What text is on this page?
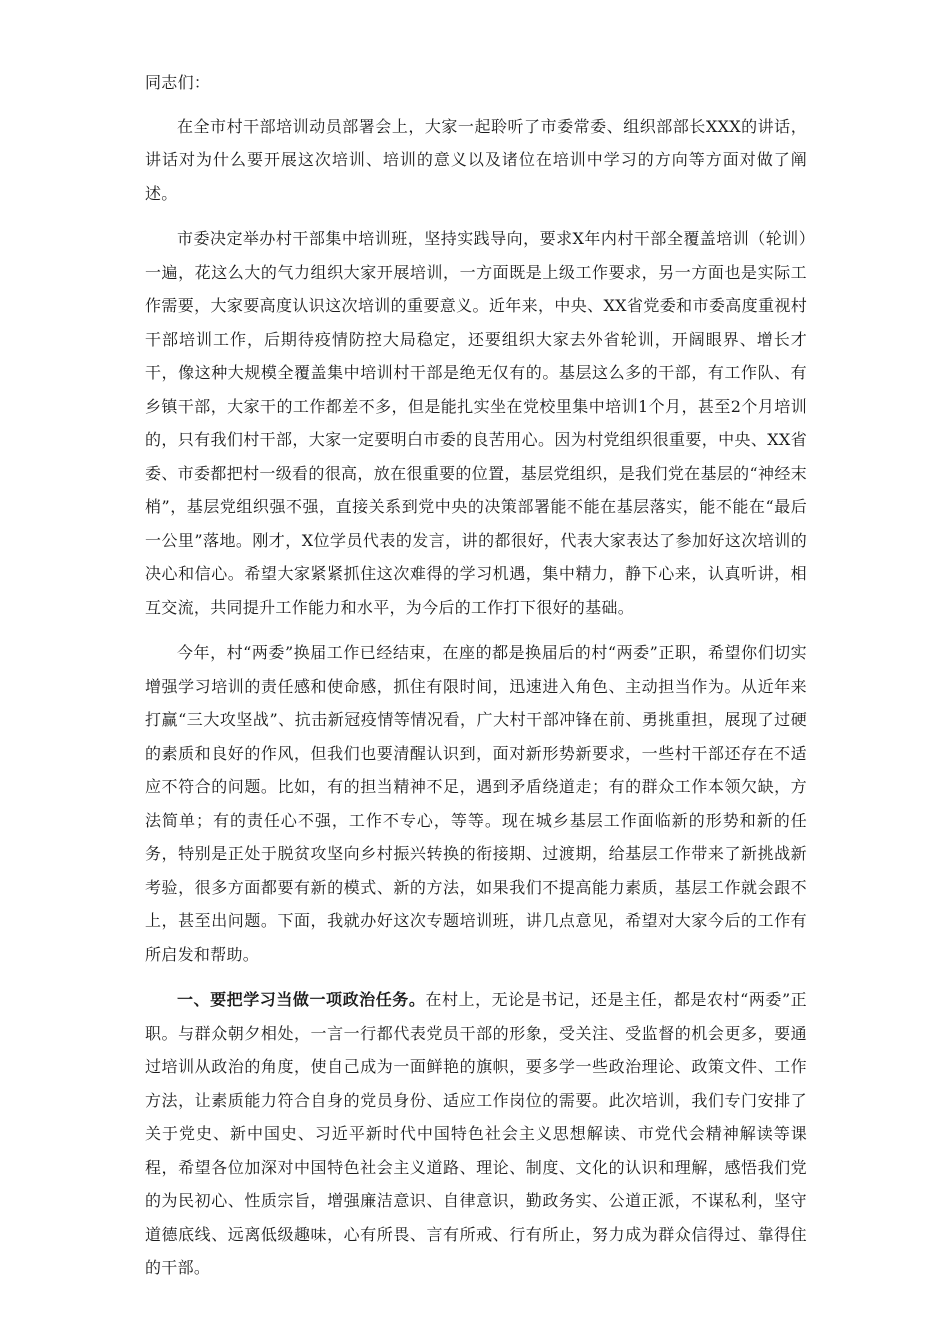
同志们：

在全市村干部培训动员部署会上，大家一起聆听了市委常委、组织部部长XXX的讲话，讲话对为什么要开展这次培训、培训的意义以及诸位在培训中学习的方向等方面对做了阐述。

市委决定举办村干部集中培训班，坚持实践导向，要求X年内村干部全覆盖培训（轮训）一遍，花这么大的气力组织大家开展培训，一方面既是上级工作要求，另一方面也是实际工作需要，大家要高度认识这次培训的重要意义。近年来，中央、XX省党委和市委高度重视村干部培训工作，后期待疫情防控大局稳定，还要组织大家去外省轮训，开阔眼界、增长才干，像这种大规模全覆盖集中培训村干部是绝无仅有的。基层这么多的干部，有工作队、有乡镇干部，大家干的工作都差不多，但是能扎实坐在党校里集中培训1个月，甚至2个月培训的，只有我们村干部，大家一定要明白市委的良苦用心。因为村党组织很重要，中央、XX省委、市委都把村一级看的很高，放在很重要的位置，基层党组织，是我们党在基层的“神经末梢”，基层党组织强不强，直接关系到党中央的决策部署能不能在基层落实，能不能在“最后一公里”落地。刚才，X位学员代表的发言，讲的都很好，代表大家表达了参加好这次培训的决心和信心。希望大家紧紧抓住这次难得的学习机遇，集中精力，静下心来，认真听讲，相互交流，共同提升工作能力和水平，为今后的工作打下很好的基础。

今年，村“两委”换届工作已经结束，在座的都是换届后的村“两委”正职，希望你们切实增强学习培训的责任感和使命感，抓住有限时间，迅速进入角色、主动担当作为。从近年来打赢“三大攻坚战”、抗击新冠疫情等情况看，广大村干部冲锋在前、勇挑重担，展现了过硬的素质和良好的作风，但我们也要清醒认识到，面对新形势新要求，一些村干部还存在不适应不符合的问题。比如，有的担当精神不足，遇到矛盾绕道走；有的群众工作本领欠缺，方法简单；有的责任心不强，工作不专心，等等。现在城乡基层工作面临新的形势和新的任务，特别是正处于脱贫攻坚向乡村振兴转换的衔接期、过渡期，给基层工作带来了新挑战新考验，很多方面都要有新的模式、新的方法，如果我们不提高能力素质，基层工作就会跟不上，甚至出问题。下面，我就办好这次专题培训班，讲几点意见，希望对大家今后的工作有所启发和帮助。

一、要把学习当做一项政治任务。在村上，无论是书记，还是主任，都是农村“两委”正职。与群众朝夕相处，一言一行都代表党员干部的形象，受关注、受监督的机会更多，要通过培训从政治的角度，使自己成为一面鲜艳的旗帜，要多学一些政治理论、政策文件、工作方法，让素质能力符合自身的党员身份、适应工作岗位的需要。此次培训，我们专门安排了关于党史、新中国史、习近平新时代中国特色社会主义思想解读、市党代会精神解读等课程，希望各位加深对中国特色社会主义道路、理论、制度、文化的认识和理解，感悟我们党的为民初心、性质宗旨，增强廉洁意识、自律意识，勤政务实、公道正派，不谋私利，坚守道德底线、远离低级趣味，心有所畏、言有所戒、行有所止，努力成为群众信得过、靠得住的干部。
